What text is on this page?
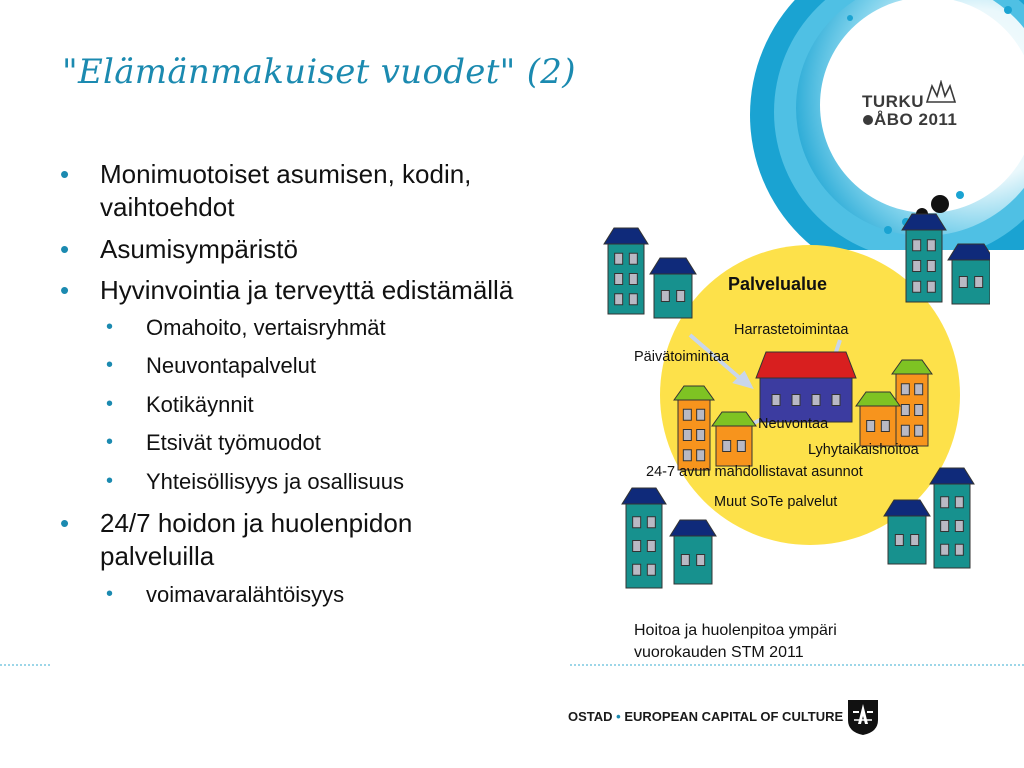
TURKU
ÅBO 2011
"Elämänmakuiset vuodet" (2)
• Monimuotoiset asumisen, kodin, vaihtoehdot
• Asumisympäristö
• Hyvinvointia ja terveyttä edistämällä
• Omahoito, vertaisryhmät
• Neuvontapalvelut
• Kotikäynnit
• Etsivät työmuodot
• Yhteisöllisyys ja osallisuus
• 24/7 hoidon ja huolenpidon palveluilla
• voimavaralähtöisyys
Palvelualue
Harrastetoimintaa
Päivätoimintaa
Neuvontaa
Lyhytaikaishoitoa
24-7 avun mahdollistavat asunnot
Muut SoTe palvelut
Hoitoa ja huolenpitoa ympäri
vuorokauden STM 2011
OSTAD • EUROPEAN CAPITAL OF CULTURE
